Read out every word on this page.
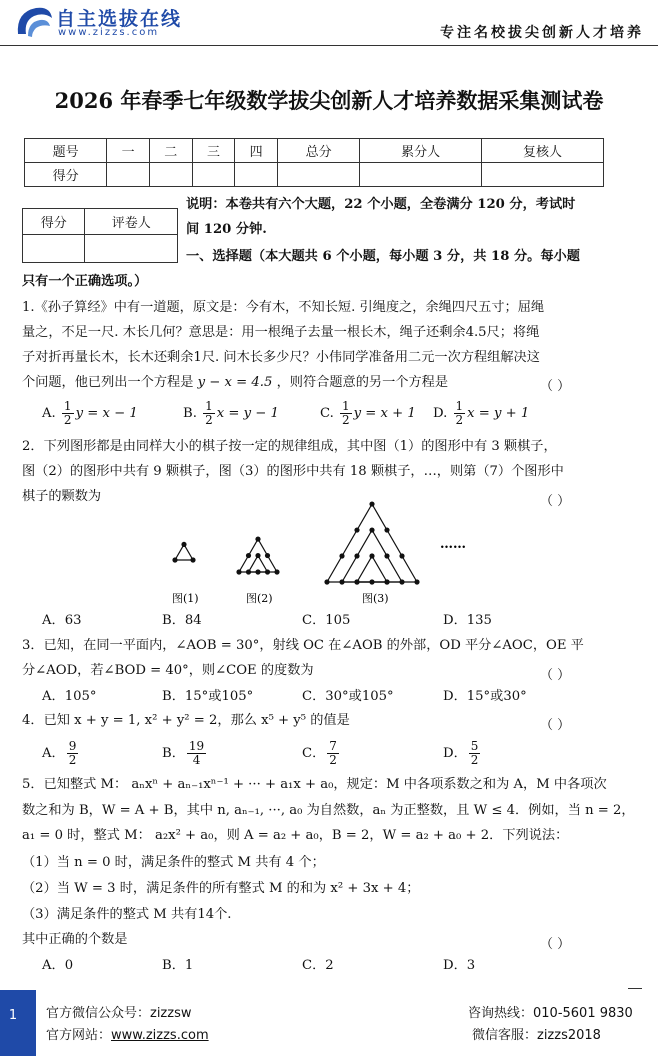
自主选拔在线
www.zizzs.com	专注名校拔尖创新人才培养
2026 年春季七年级数学拔尖创新人才培养数据采集测试卷
题号	一	二	三	四	总分	累分人	复核人
得分							
得分	评卷人

说明：本卷共有六个大题，22 个小题，全卷满分 120 分，考试时
间 120 分钟.
一、选择题（本大题共 6 个小题，每小题 3 分，共 18 分。每小题
只有一个正确选项。）
1.《孙子算经》中有一道题，原文是：今有木，不知长短. 引绳度之，余绳四尺五寸；屈绳
量之，不足一尺. 木长几何？意思是：用一根绳子去量一根长木，绳子还剩余4.5尺；将绳
子对折再量长木，长木还剩余1尺. 问木长多少尺？小伟同学准备用二元一次方程组解决这
个问题，他已列出一个方程是 y − x = 4.5 ，则符合题意的另一个方程是	（ ）
A. $\frac{1}{2}$ y = x − 1	B. $\frac{1}{2}$ x = y − 1	C. $\frac{1}{2}$ y = x + 1 D. $\frac{1}{2}$ x = y + 1
2．下列图形都是由同样大小的棋子按一定的规律组成，其中图（1）的图形中有 3 颗棋子，
图（2）的图形中共有 9 颗棋子，图（3）的图形中共有 18 颗棋子，…，则第（7）个图形中
棋子的颗数为	（ ）
图(1)	图(2)	图(3)
……
A．63	B．84	C．105	D．135
3．已知，在同一平面内，∠AOB = 30°，射线 OC 在∠AOB 的外部，OD 平分∠AOC，OE 平
分∠AOD，若∠BOD = 40°，则∠COE 的度数为	（ ）
A．105°	B．15°或105°	C．30°或105°	D．15°或30°
4．已知 x + y = 1, x² + y² = 2，那么 x⁵ + y⁵ 的值是	（ ）
A． $\frac{9}{2}$	B． $\frac{19}{4}$	C． $\frac{7}{2}$	D． $\frac{5}{2}$
5．已知整式 M： aₙxⁿ + aₙ₋₁xⁿ⁻¹ + ··· + a₁x + a₀，规定：M 中各项系数之和为 A，M 中各项次
数之和为 B，W = A + B，其中 n, aₙ₋₁, ···, a₀ 为自然数，aₙ 为正整数，且 W ≤ 4．例如，当 n = 2，
a₁ = 0 时，整式 M： a₂x² + a₀，则 A = a₂ + a₀，B = 2，W = a₂ + a₀ + 2．下列说法：
（1）当 n = 0 时，满足条件的整式 M 共有 4 个；
（2）当 W = 3 时，满足条件的所有整式 M 的和为 x² + 3x + 4；
（3）满足条件的整式 M 共有14个.
其中正确的个数是	（ ）
A．0	B．1	C．2	D．3
1	官方微信公众号：zizzsw
官方网站：www.zizzs.com
咨询热线：010-5601 9830
微信客服：zizzs2018
